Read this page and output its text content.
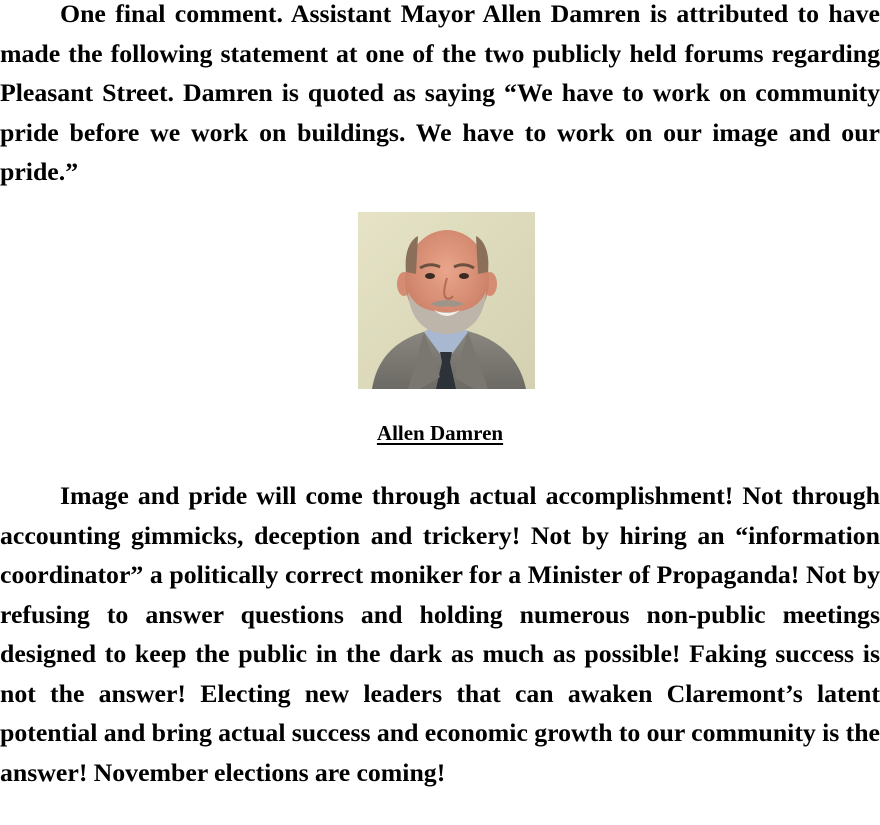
One final comment. Assistant Mayor Allen Damren is attributed to have made the following statement at one of the two publicly held forums regarding Pleasant Street. Damren is quoted as saying “We have to work on community pride before we work on buildings. We have to work on our image and our pride.”

Allen Damren

Image and pride will come through actual accomplishment! Not through accounting gimmicks, deception and trickery! Not by hiring an “information coordinator” a politically correct moniker for a Minister of Propaganda! Not by refusing to answer questions and holding numerous non-public meetings designed to keep the public in the dark as much as possible! Faking success is not the answer! Electing new leaders that can awaken Claremont’s latent potential and bring actual success and economic growth to our community is the answer! November elections are coming!
